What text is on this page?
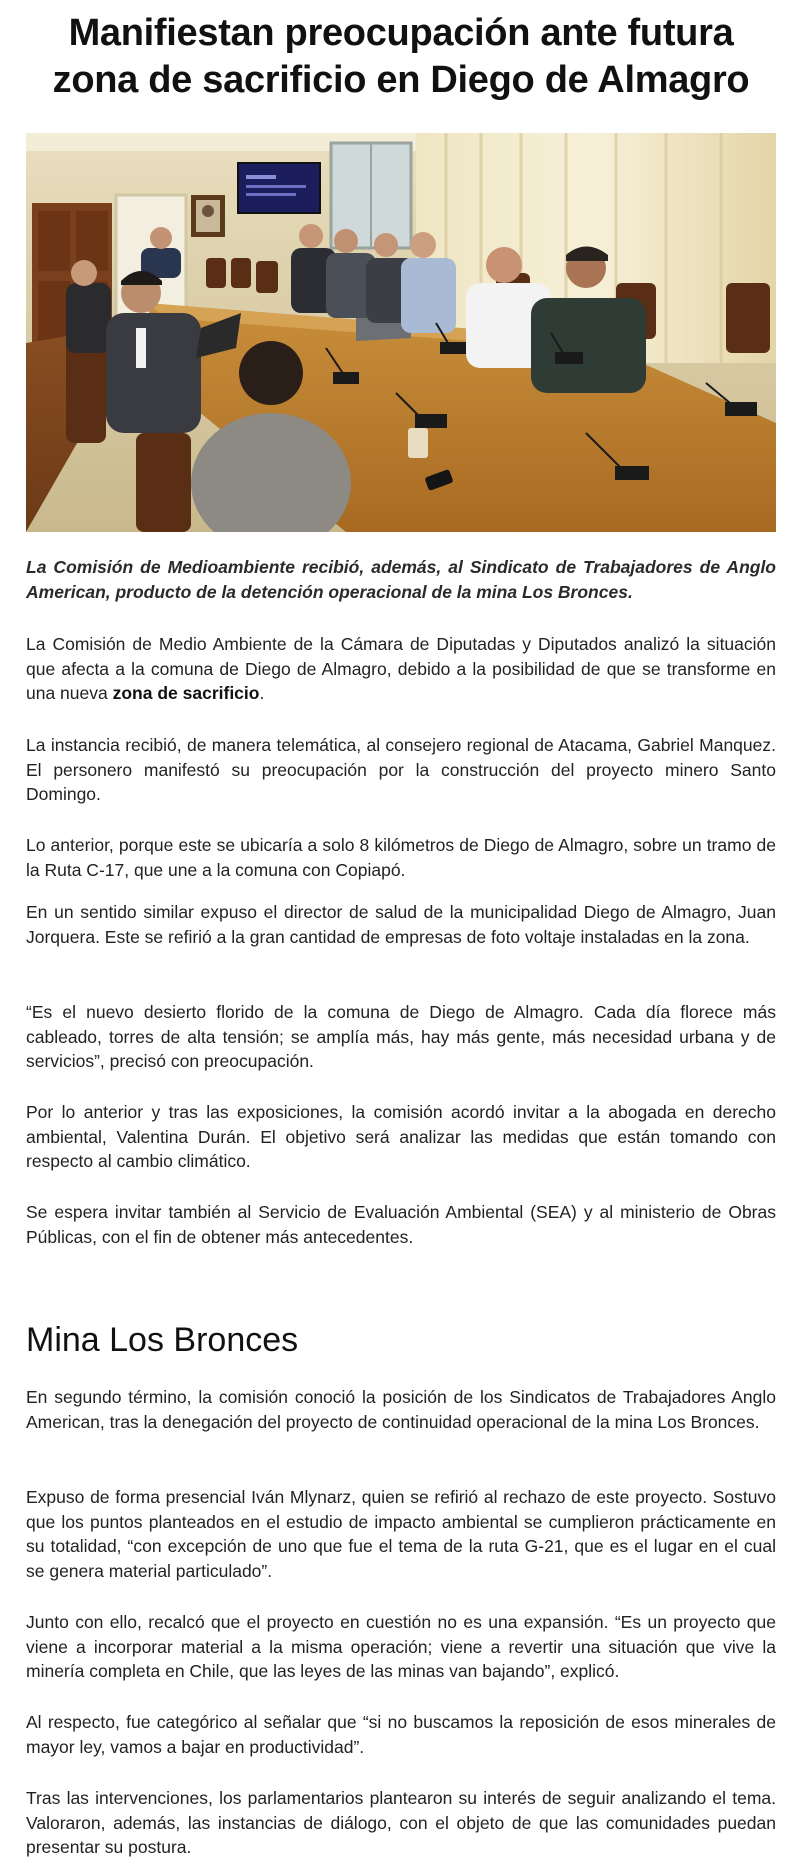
Manifiestan preocupación ante futura zona de sacrificio en Diego de Almagro

La Comisión de Medioambiente recibió, además, al Sindicato de Trabajadores de Anglo American, producto de la detención operacional de la mina Los Bronces.

La Comisión de Medio Ambiente de la Cámara de Diputadas y Diputados analizó la situación que afecta a la comuna de Diego de Almagro, debido a la posibilidad de que se transforme en una nueva zona de sacrificio.

La instancia recibió, de manera telemática, al consejero regional de Atacama, Gabriel Manquez. El personero manifestó su preocupación por la construcción del proyecto minero Santo Domingo.

Lo anterior, porque este se ubicaría a solo 8 kilómetros de Diego de Almagro, sobre un tramo de la Ruta C-17, que une a la comuna con Copiapó.

En un sentido similar expuso el director de salud de la municipalidad Diego de Almagro, Juan Jorquera. Este se refirió a la gran cantidad de empresas de foto voltaje instaladas en la zona.

“Es el nuevo desierto florido de la comuna de Diego de Almagro. Cada día florece más cableado, torres de alta tensión; se amplía más, hay más gente, más necesidad urbana y de servicios”, precisó con preocupación.

Por lo anterior y tras las exposiciones, la comisión acordó invitar a la abogada en derecho ambiental, Valentina Durán. El objetivo será analizar las medidas que están tomando con respecto al cambio climático.

Se espera invitar también al Servicio de Evaluación Ambiental (SEA) y al ministerio de Obras Públicas, con el fin de obtener más antecedentes.

Mina Los Bronces

En segundo término, la comisión conoció la posición de los Sindicatos de Trabajadores Anglo American, tras la denegación del proyecto de continuidad operacional de la mina Los Bronces.

Expuso de forma presencial Iván Mlynarz, quien se refirió al rechazo de este proyecto. Sostuvo que los puntos planteados en el estudio de impacto ambiental se cumplieron prácticamente en su totalidad, “con excepción de uno que fue el tema de la ruta G-21, que es el lugar en el cual se genera material particulado”.

Junto con ello, recalcó que el proyecto en cuestión no es una expansión. “Es un proyecto que viene a incorporar material a la misma operación; viene a revertir una situación que vive la minería completa en Chile, que las leyes de las minas van bajando”, explicó.

Al respecto, fue categórico al señalar que “si no buscamos la reposición de esos minerales de mayor ley, vamos a bajar en productividad”.

Tras las intervenciones, los parlamentarios plantearon su interés de seguir analizando el tema. Valoraron, además, las instancias de diálogo, con el objeto de que las comunidades puedan presentar su postura.
